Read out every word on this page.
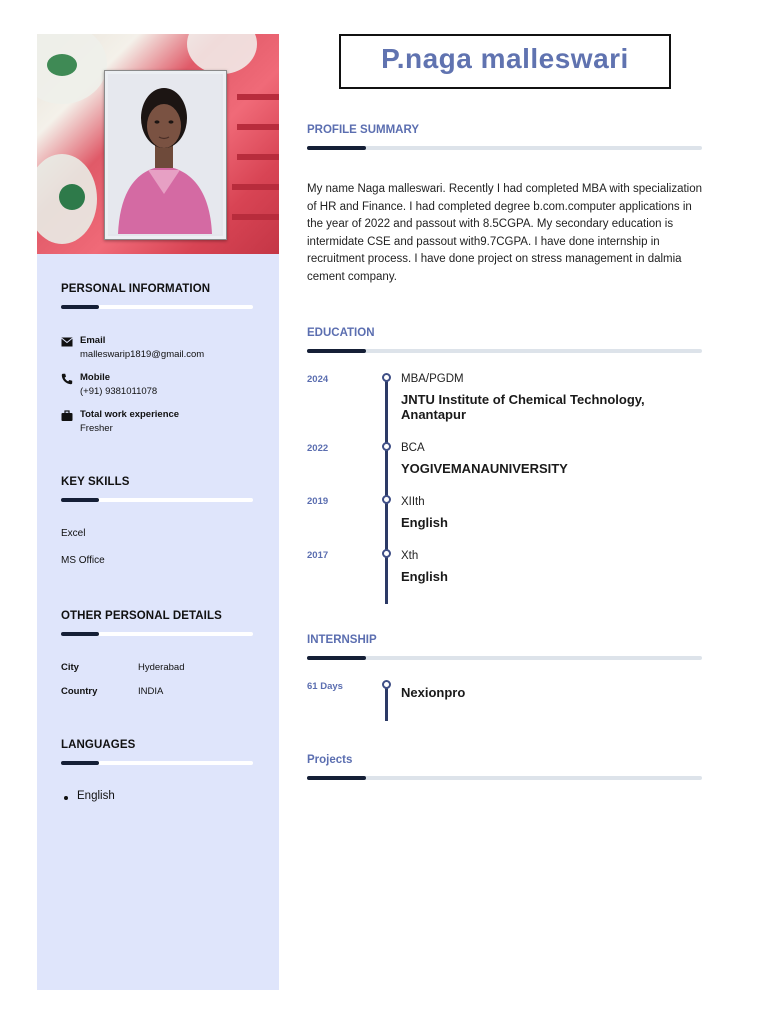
PERSONAL INFORMATION
Email
malleswarip1819@gmail.com
Mobile
(+91) 9381011078
Total work experience
Fresher
KEY SKILLS
Excel
MS Office
OTHER PERSONAL DETAILS
City	Hyderabad
Country	INDIA
LANGUAGES
English
P.naga malleswari
PROFILE SUMMARY
My name Naga malleswari. Recently I had completed MBA with specialization of HR and Finance. I had completed degree b.com.computer applications in the year of 2022 and passout with 8.5CGPA. My secondary education is intermidate CSE and passout with9.7CGPA. I have done internship in recruitment process. I have done project on stress management in dalmia cement company.
EDUCATION
2024	MBA/PGDM
JNTU Institute of Chemical Technology, Anantapur
2022	BCA
YOGIVEMANAUNIVERSITY
2019	XIIth
English
2017	Xth
English
INTERNSHIP
61 Days	Nexionpro
Projects
